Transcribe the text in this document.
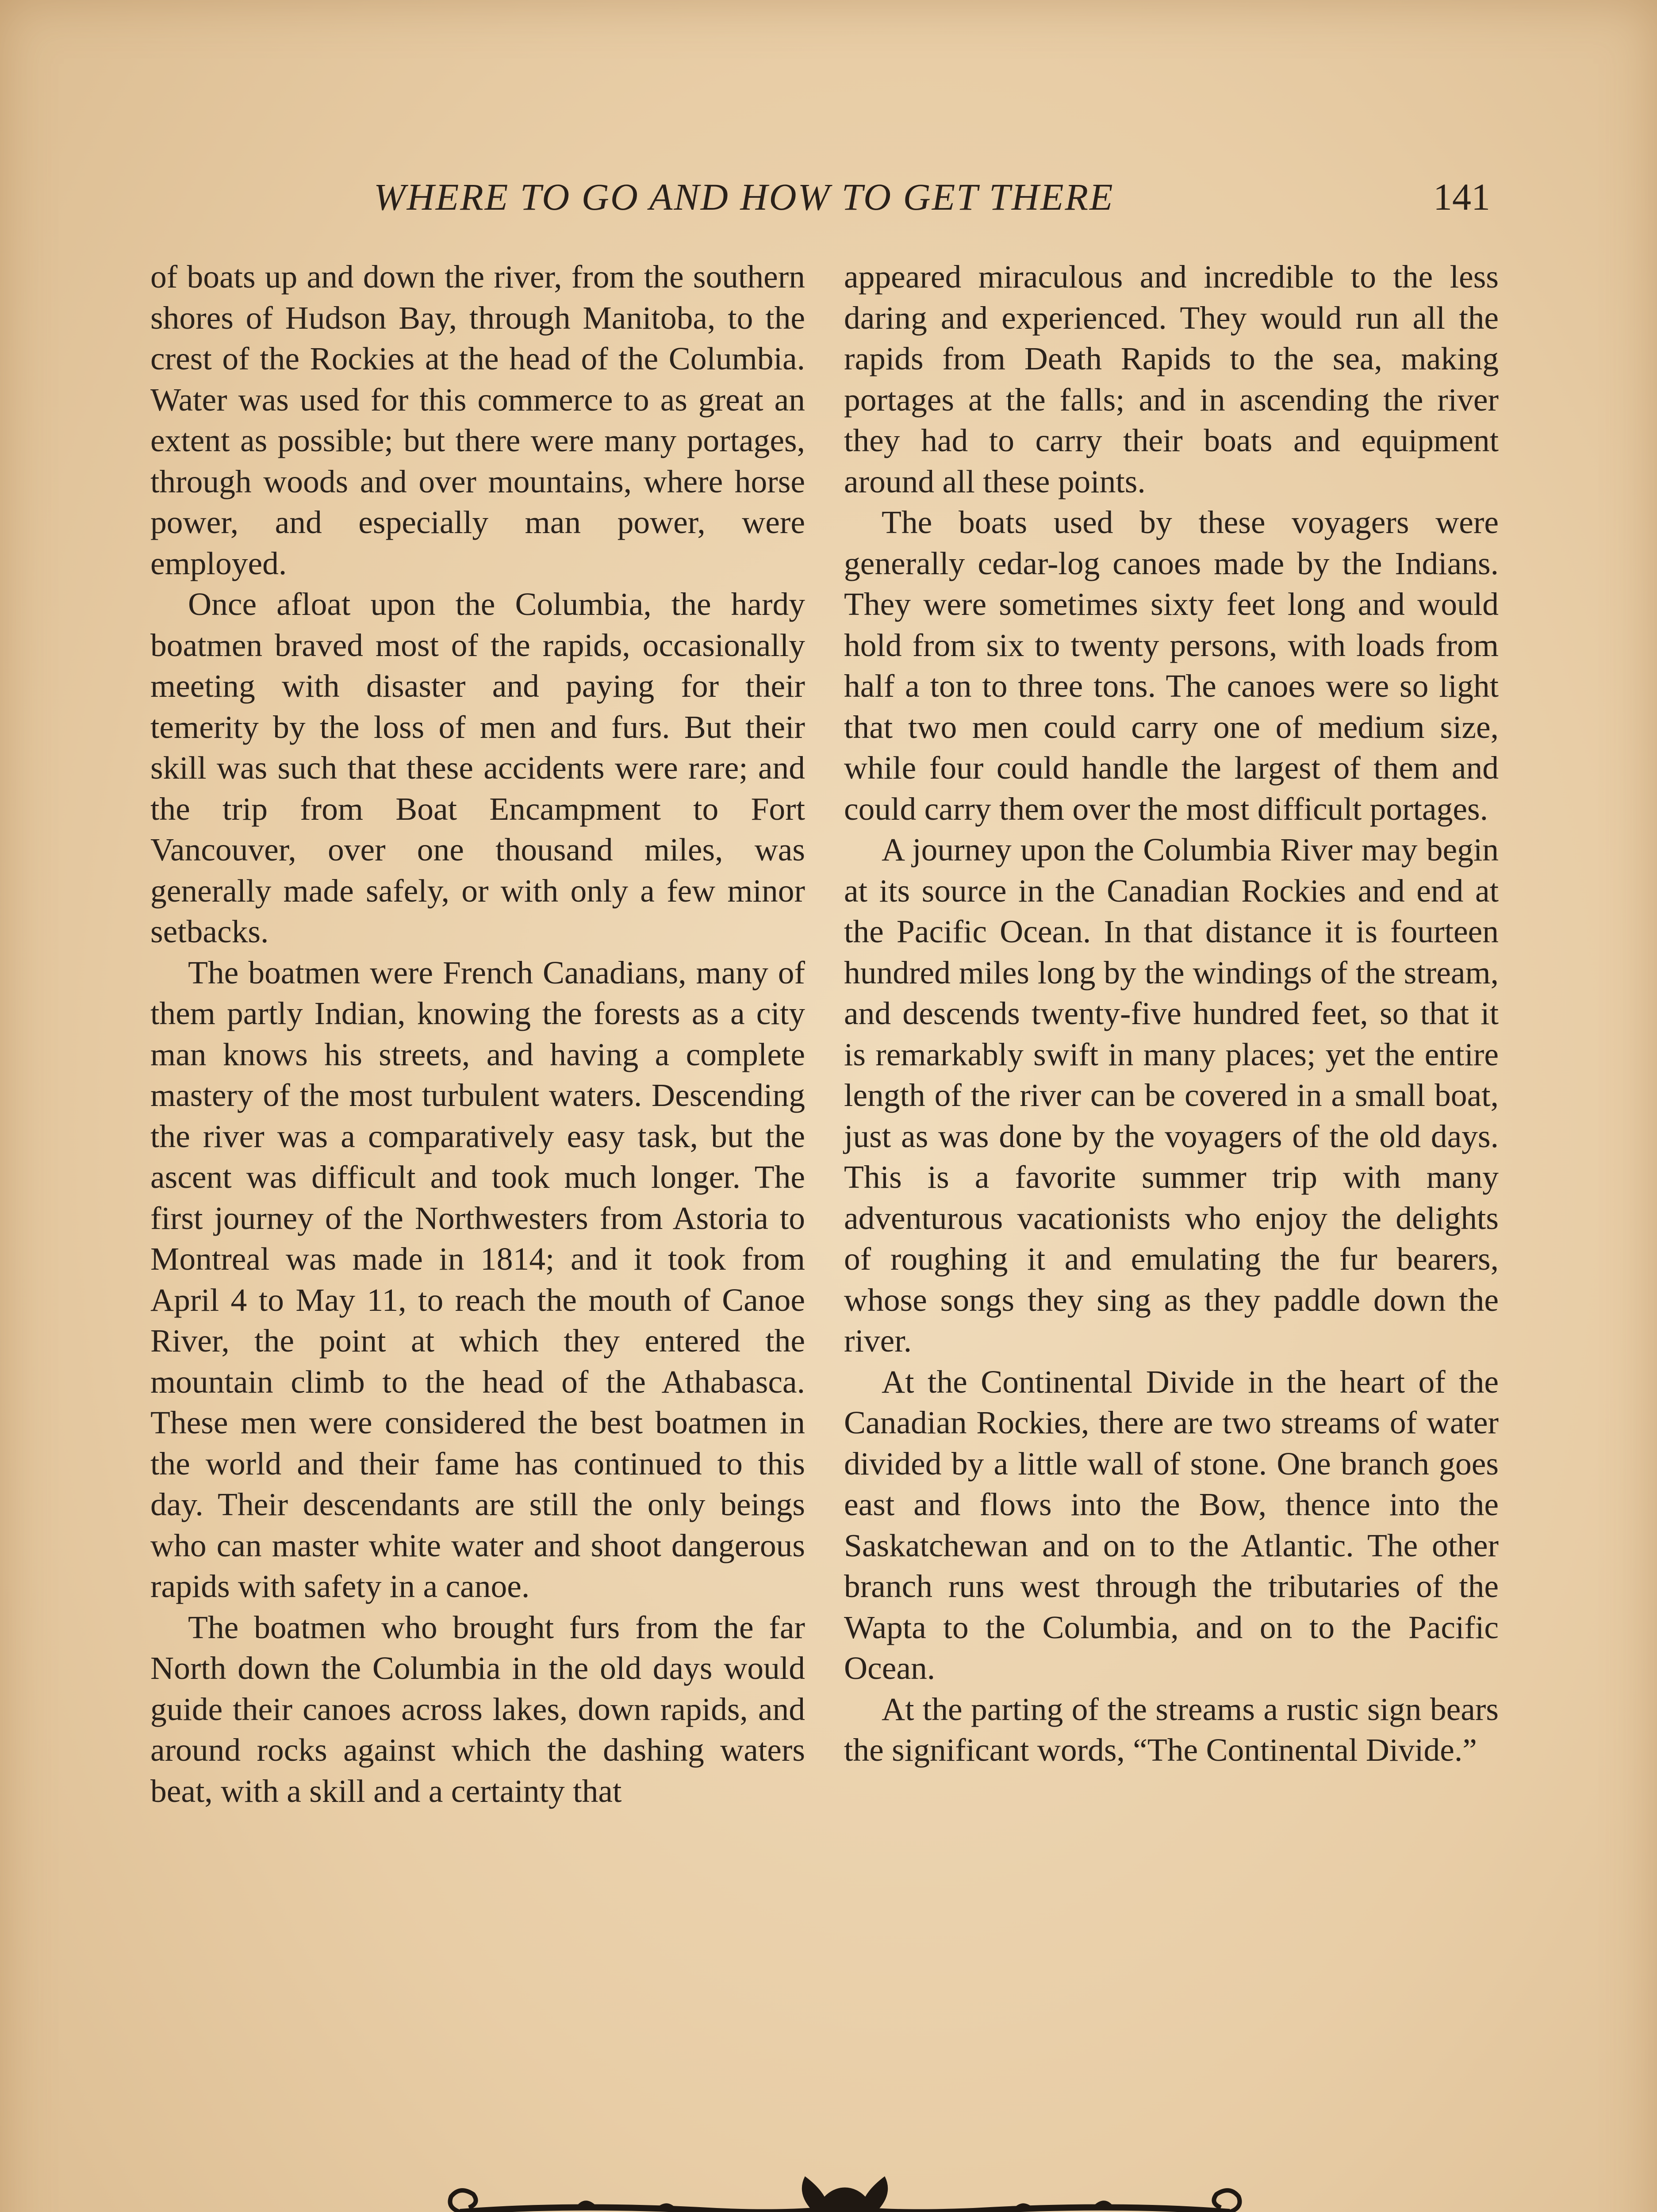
WHERE TO GO AND HOW TO GET THERE	141

of boats up and down the river, from the southern shores of Hudson Bay, through Manitoba, to the crest of the Rockies at the head of the Columbia. Water was used for this commerce to as great an extent as possible; but there were many portages, through woods and over mountains, where horse power, and especially man power, were employed.

Once afloat upon the Columbia, the hardy boatmen braved most of the rapids, occasionally meeting with disaster and paying for their temerity by the loss of men and furs. But their skill was such that these accidents were rare; and the trip from Boat Encampment to Fort Vancouver, over one thousand miles, was generally made safely, or with only a few minor setbacks.

The boatmen were French Canadians, many of them partly Indian, knowing the forests as a city man knows his streets, and having a complete mastery of the most turbulent waters. Descending the river was a comparatively easy task, but the ascent was difficult and took much longer. The first journey of the Northwesters from Astoria to Montreal was made in 1814; and it took from April 4 to May 11, to reach the mouth of Canoe River, the point at which they entered the mountain climb to the head of the Athabasca. These men were considered the best boatmen in the world and their fame has continued to this day. Their descendants are still the only beings who can master white water and shoot dangerous rapids with safety in a canoe.

The boatmen who brought furs from the far North down the Columbia in the old days would guide their canoes across lakes, down rapids, and around rocks against which the dashing waters beat, with a skill and a certainty that

appeared miraculous and incredible to the less daring and experienced. They would run all the rapids from Death Rapids to the sea, making portages at the falls; and in ascending the river they had to carry their boats and equipment around all these points.

The boats used by these voyagers were generally cedar-log canoes made by the Indians. They were sometimes sixty feet long and would hold from six to twenty persons, with loads from half a ton to three tons. The canoes were so light that two men could carry one of medium size, while four could handle the largest of them and could carry them over the most difficult portages.

A journey upon the Columbia River may begin at its source in the Canadian Rockies and end at the Pacific Ocean. In that distance it is fourteen hundred miles long by the windings of the stream, and descends twenty-five hundred feet, so that it is remarkably swift in many places; yet the entire length of the river can be covered in a small boat, just as was done by the voyagers of the old days. This is a favorite summer trip with many adventurous vacationists who enjoy the delights of roughing it and emulating the fur bearers, whose songs they sing as they paddle down the river.

At the Continental Divide in the heart of the Canadian Rockies, there are two streams of water divided by a little wall of stone. One branch goes east and flows into the Bow, thence into the Saskatchewan and on to the Atlantic. The other branch runs west through the tributaries of the Wapta to the Columbia, and on to the Pacific Ocean.

At the parting of the streams a rustic sign bears the significant words, “The Continental Divide.”
